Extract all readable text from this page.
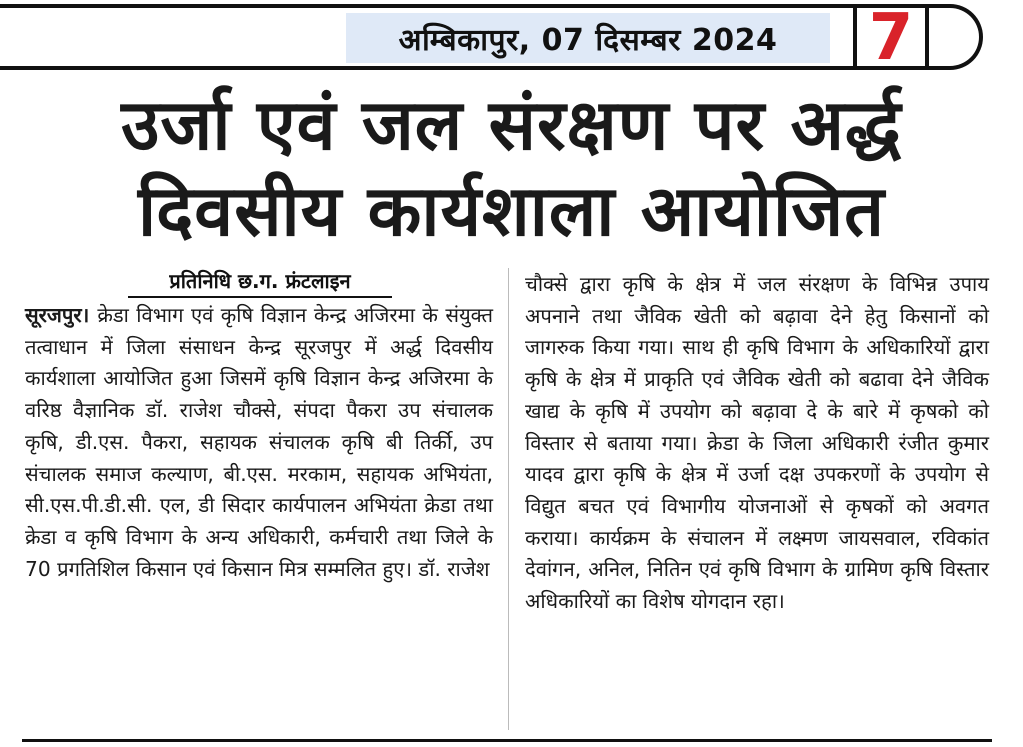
अम्बिकापुर, 07 दिसम्बर 2024	7
उर्जा एवं जल संरक्षण पर अर्द्ध
दिवसीय कार्यशाला आयोजित
प्रतिनिधि छ.ग. फ्रंटलाइन
सूरजपुर। क्रेडा विभाग एवं कृषि विज्ञान केन्द्र अजिरमा के संयुक्त तत्वाधान में जिला संसाधन केन्द्र सूरजपुर में अर्द्ध दिवसीय कार्यशाला आयोजित हुआ जिसमें कृषि विज्ञान केन्द्र अजिरमा के वरिष्ठ वैज्ञानिक डॉ. राजेश चौक्से, संपदा पैकरा उप संचालक कृषि, डी.एस. पैकरा, सहायक संचालक कृषि बी तिर्की, उप संचालक समाज कल्याण, बी.एस. मरकाम, सहायक अभियंता, सी.एस.पी.डी.सी. एल, डी सिदार कार्यपालन अभियंता क्रेडा तथा क्रेडा व कृषि विभाग के अन्य अधिकारी, कर्मचारी तथा जिले के 70 प्रगतिशिल किसान एवं किसान मित्र सम्मलित हुए। डॉ. राजेश
चौक्से द्वारा कृषि के क्षेत्र में जल संरक्षण के विभिन्न उपाय अपनाने तथा जैविक खेती को बढ़ावा देने हेतु किसानों को जागरुक किया गया। साथ ही कृषि विभाग के अधिकारियों द्वारा कृषि के क्षेत्र में प्राकृति एवं जैविक खेती को बढावा देने जैविक खाद्य के कृषि में उपयोग को बढ़ावा दे के बारे में कृषको को विस्तार से बताया गया। क्रेडा के जिला अधिकारी रंजीत कुमार यादव द्वारा कृषि के क्षेत्र में उर्जा दक्ष उपकरणों के उपयोग से विद्युत बचत एवं विभागीय योजनाओं से कृषकों को अवगत कराया। कार्यक्रम के संचालन में लक्ष्मण जायसवाल, रविकांत देवांगन, अनिल, नितिन एवं कृषि विभाग के ग्रामिण कृषि विस्तार अधिकारियों का विशेष योगदान रहा।
